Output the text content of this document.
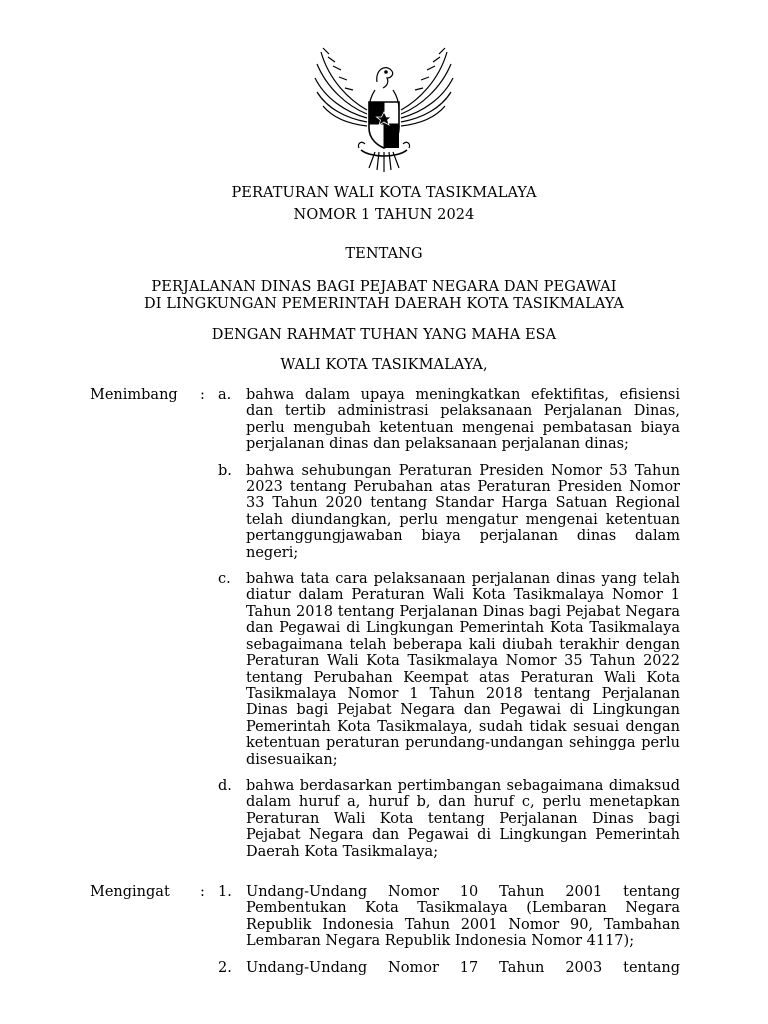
PERATURAN WALI KOTA TASIKMALAYA
NOMOR 1 TAHUN 2024
TENTANG
PERJALANAN DINAS BAGI PEJABAT NEGARA DAN PEGAWAI
DI LINGKUNGAN PEMERINTAH DAERAH KOTA TASIKMALAYA
DENGAN RAHMAT TUHAN YANG MAHA ESA
WALI KOTA TASIKMALAYA,
Menimbang	: a. bahwa dalam upaya meningkatkan efektifitas, efisiensi dan tertib administrasi pelaksanaan Perjalanan Dinas, perlu mengubah ketentuan mengenai pembatasan biaya perjalanan dinas dan pelaksanaan perjalanan dinas;
b. bahwa sehubungan Peraturan Presiden Nomor 53 Tahun 2023 tentang Perubahan atas Peraturan Presiden Nomor 33 Tahun 2020 tentang Standar Harga Satuan Regional telah diundangkan, perlu mengatur mengenai ketentuan pertanggungjawaban biaya perjalanan dinas dalam negeri;
c. bahwa tata cara pelaksanaan perjalanan dinas yang telah diatur dalam Peraturan Wali Kota Tasikmalaya Nomor 1 Tahun 2018 tentang Perjalanan Dinas bagi Pejabat Negara dan Pegawai di Lingkungan Pemerintah Kota Tasikmalaya sebagaimana telah beberapa kali diubah terakhir dengan Peraturan Wali Kota Tasikmalaya Nomor 35 Tahun 2022 tentang Perubahan Keempat atas Peraturan Wali Kota Tasikmalaya Nomor 1 Tahun 2018 tentang Perjalanan Dinas bagi Pejabat Negara dan Pegawai di Lingkungan Pemerintah Kota Tasikmalaya, sudah tidak sesuai dengan ketentuan peraturan perundang-undangan sehingga perlu disesuaikan;
d. bahwa berdasarkan pertimbangan sebagaimana dimaksud dalam huruf a, huruf b, dan huruf c, perlu menetapkan Peraturan Wali Kota tentang Perjalanan Dinas bagi Pejabat Negara dan Pegawai di Lingkungan Pemerintah Daerah Kota Tasikmalaya;
Mengingat	: 1. Undang-Undang Nomor 10 Tahun 2001 tentang Pembentukan Kota Tasikmalaya (Lembaran Negara Republik Indonesia Tahun 2001 Nomor 90, Tambahan Lembaran Negara Republik Indonesia Nomor 4117);
2. Undang-Undang Nomor 17 Tahun 2003 tentang
